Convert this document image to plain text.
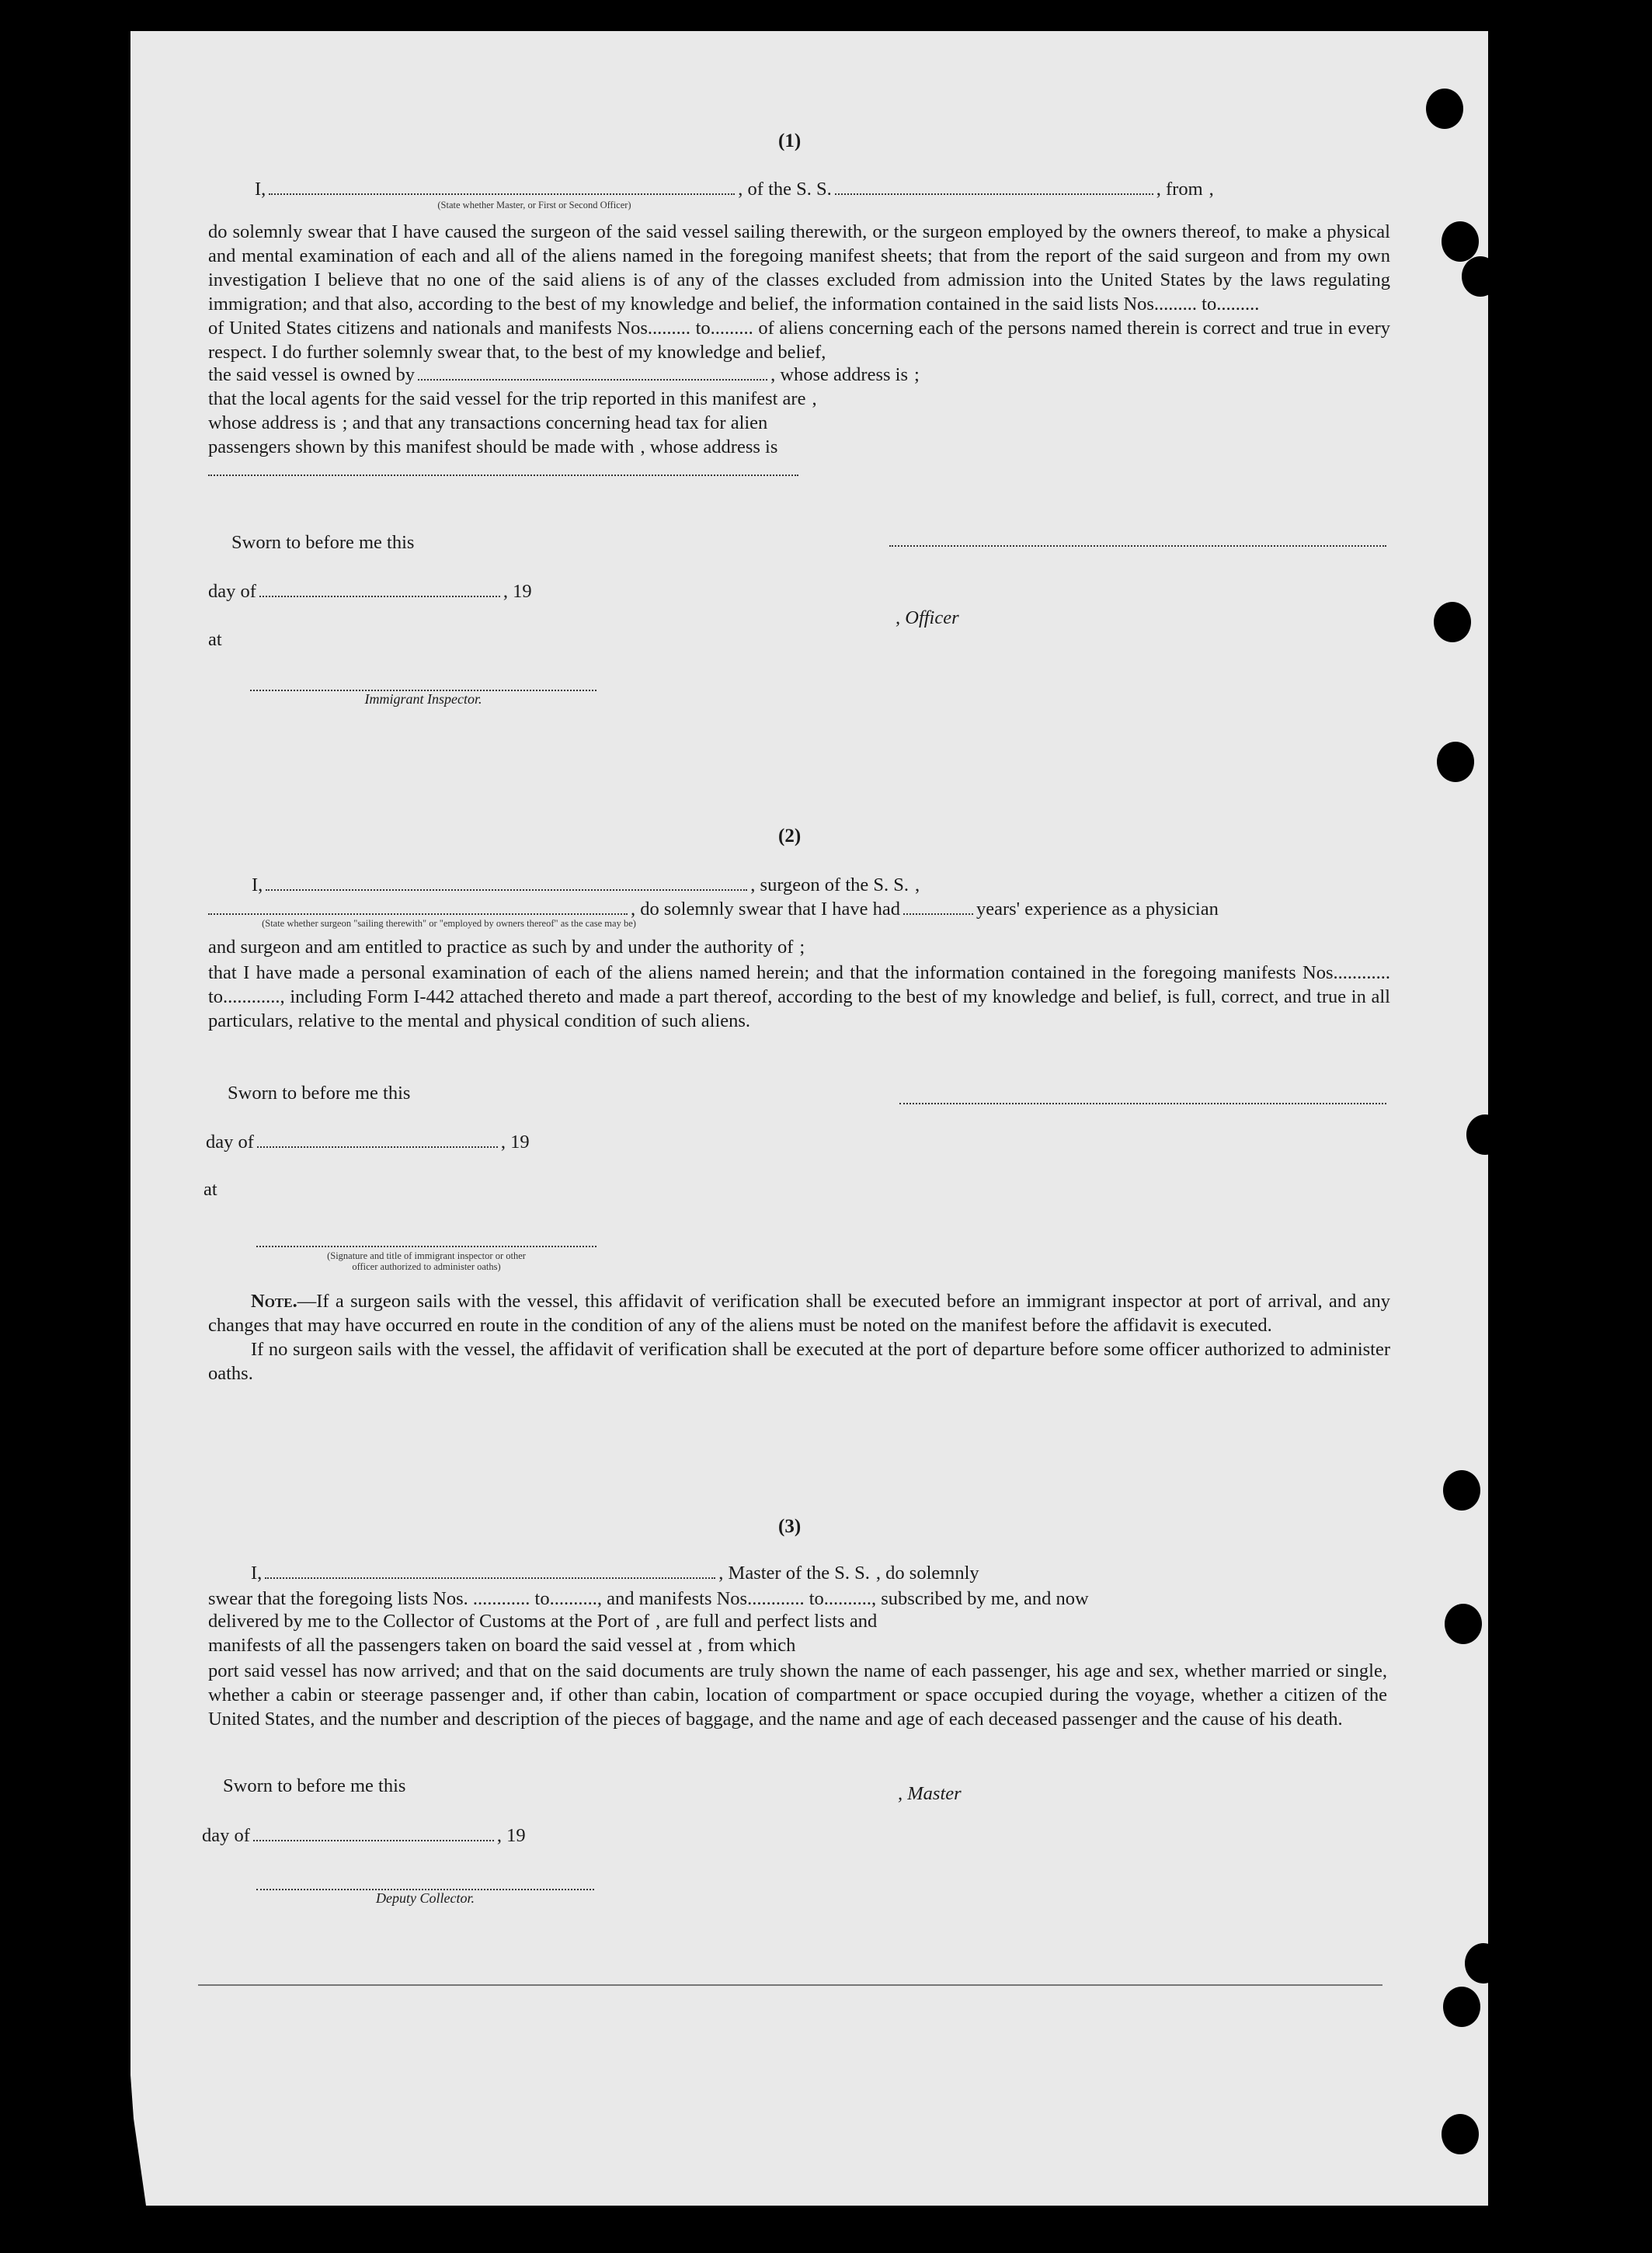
(1)
I,	, of the S. S.	, from ,
(State whether Master, or First or Second Officer)

do solemnly swear that I have caused the surgeon of the said vessel sailing therewith, or the surgeon employed by the owners thereof, to make a physical and mental examination of each and all of the aliens named in the foregoing manifest sheets; that from the report of the said surgeon and from my own investigation I believe that no one of the said aliens is of any of the classes excluded from admission into the United States by the laws regulating immigration; and that also, according to the best of my knowledge and belief, the information contained in the said lists Nos......... to.........

of United States citizens and nationals and manifests Nos......... to......... of aliens concerning each of the persons named therein is correct and true in every respect. I do further solemnly swear that, to the best of my knowledge and belief,

the said vessel is owned by	, whose address is ;
that the local agents for the said vessel for the trip reported in this manifest are ,
whose address is ; and that any transactions concerning head tax for alien
passengers shown by this manifest should be made with , whose address is
Sworn to before me this
day of	, 19
at
Immigrant Inspector.
, Officer
(2)
I,	, surgeon of the S. S. ,
, do solemnly swear that I have had	years' experience as a physician
(State whether surgeon "sailing therewith" or "employed by owners thereof" as the case may be)
and surgeon and am entitled to practice as such by and under the authority of ;

that I have made a personal examination of each of the aliens named herein; and that the information contained in the foregoing manifests Nos............ to............, including Form I-442 attached thereto and made a part thereof, according to the best of my knowledge and belief, is full, correct, and true in all particulars, relative to the mental and physical condition of such aliens.

Sworn to before me this
day of	, 19
at
(Signature and title of immigrant inspector or other officer authorized to administer oaths)

Note.—If a surgeon sails with the vessel, this affidavit of verification shall be executed before an immigrant inspector at port of arrival, and any changes that may have occurred en route in the condition of any of the aliens must be noted on the manifest before the affidavit is executed.

If no surgeon sails with the vessel, the affidavit of verification shall be executed at the port of departure before some officer authorized to administer oaths.

(3)
I,	, Master of the S. S. , do solemnly

swear that the foregoing lists Nos. ............ to.........., and manifests Nos............ to.........., subscribed by me, and now

delivered by me to the Collector of Customs at the Port of , are full and perfect lists and
manifests of all the passengers taken on board the said vessel at , from which

port said vessel has now arrived; and that on the said documents are truly shown the name of each passenger, his age and sex, whether married or single, whether a cabin or steerage passenger and, if other than cabin, location of compartment or space occupied during the voyage, whether a citizen of the United States, and the number and description of the pieces of baggage, and the name and age of each deceased passenger and the cause of his death.

Sworn to before me this
day of	, 19
Deputy Collector.
, Master
